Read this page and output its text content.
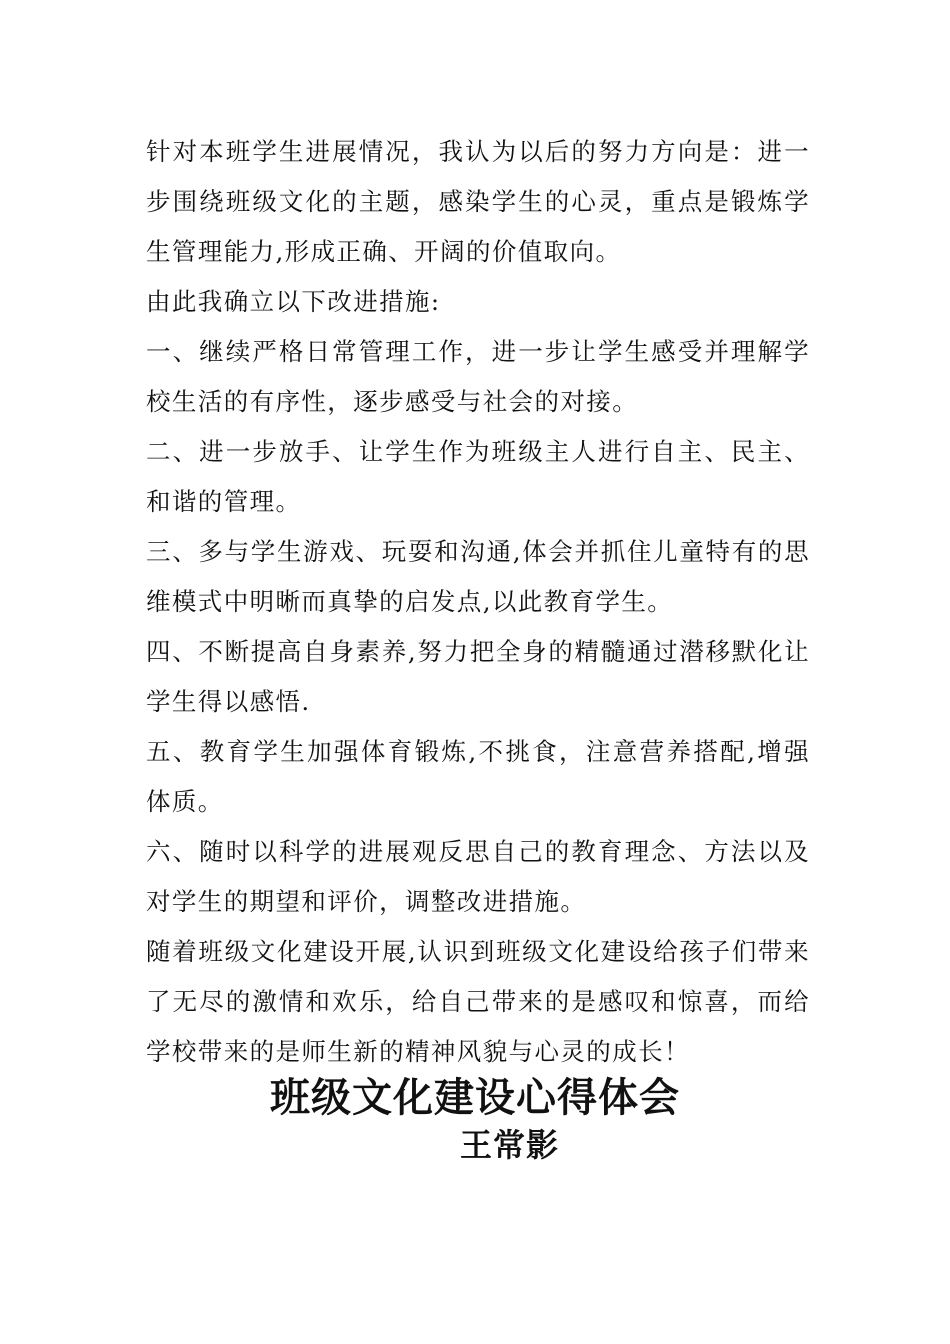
针对本班学生进展情况，我认为以后的努力方向是：进一步围绕班级文化的主题，感染学生的心灵，重点是锻炼学生管理能力,形成正确、开阔的价值取向。

由此我确立以下改进措施:

一、继续严格日常管理工作，进一步让学生感受并理解学校生活的有序性，逐步感受与社会的对接。

二、进一步放手、让学生作为班级主人进行自主、民主、和谐的管理。

三、多与学生游戏、玩耍和沟通,体会并抓住儿童特有的思维模式中明晰而真挚的启发点,以此教育学生。

四、不断提高自身素养,努力把全身的精髓通过潜移默化让学生得以感悟.

五、教育学生加强体育锻炼,不挑食，注意营养搭配,增强体质。

六、随时以科学的进展观反思自己的教育理念、方法以及对学生的期望和评价，调整改进措施。

随着班级文化建设开展,认识到班级文化建设给孩子们带来了无尽的激情和欢乐，给自己带来的是感叹和惊喜，而给学校带来的是师生新的精神风貌与心灵的成长！

班级文化建设心得体会
王常影
